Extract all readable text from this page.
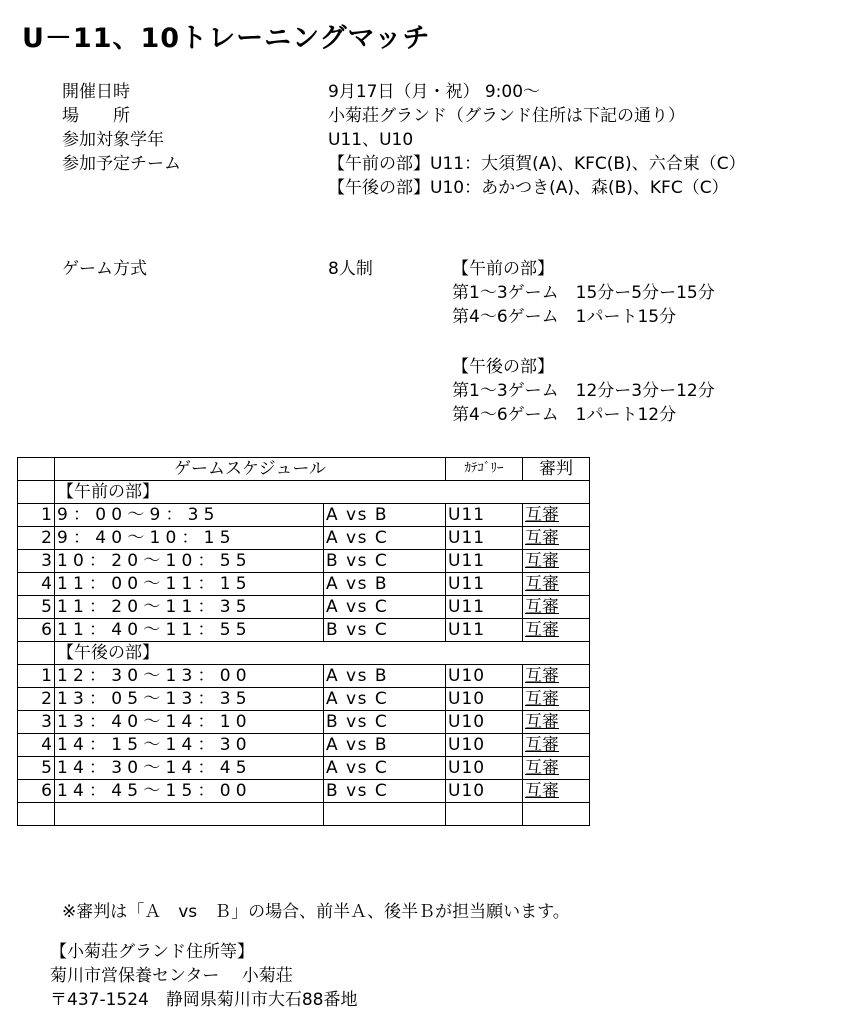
U－11、10トレーニングマッチ
開催日時	9月17日（月・祝） 9:00～
場　　所	小菊荘グランド（グランド住所は下記の通り）
参加対象学年	U11、U10
参加予定チーム	【午前の部】U11：大須賀(A)、KFC(B)、六合東（C）
【午後の部】U10：あかつき(A)、森(B)、KFC（C）
ゲーム方式	8人制	【午前の部】
第1～3ゲーム　15分ー5分ー15分
第4～6ゲーム　1パート15分
【午後の部】
第1～3ゲーム　12分ー3分ー12分
第4～6ゲーム　1パート12分
	ゲームスケジュール		ｶﾃｺﾞﾘｰ	審判
	【午前の部】			
1	9：00～9：35	A vs B	U11	互審
2	9：40～10：15	A vs C	U11	互審
3	10：20～10：55	B vs C	U11	互審
4	11：00～11：15	A vs B	U11	互審
5	11：20～11：35	A vs C	U11	互審
6	11：40～11：55	B vs C	U11	互審
	【午後の部】			
1	12：30～13：00	A vs B	U10	互審
2	13：05～13：35	A vs C	U10	互審
3	13：40～14：10	B vs C	U10	互審
4	14：15～14：30	A vs B	U10	互審
5	14：30～14：45	A vs C	U10	互審
6	14：45～15：00	B vs C	U10	互審

※審判は「Ａ　vs　Ｂ」の場合、前半Ａ、後半Ｂが担当願います。
【小菊荘グランド住所等】
菊川市営保養センター　 小菊荘
〒437-1524　静岡県菊川市大石88番地
